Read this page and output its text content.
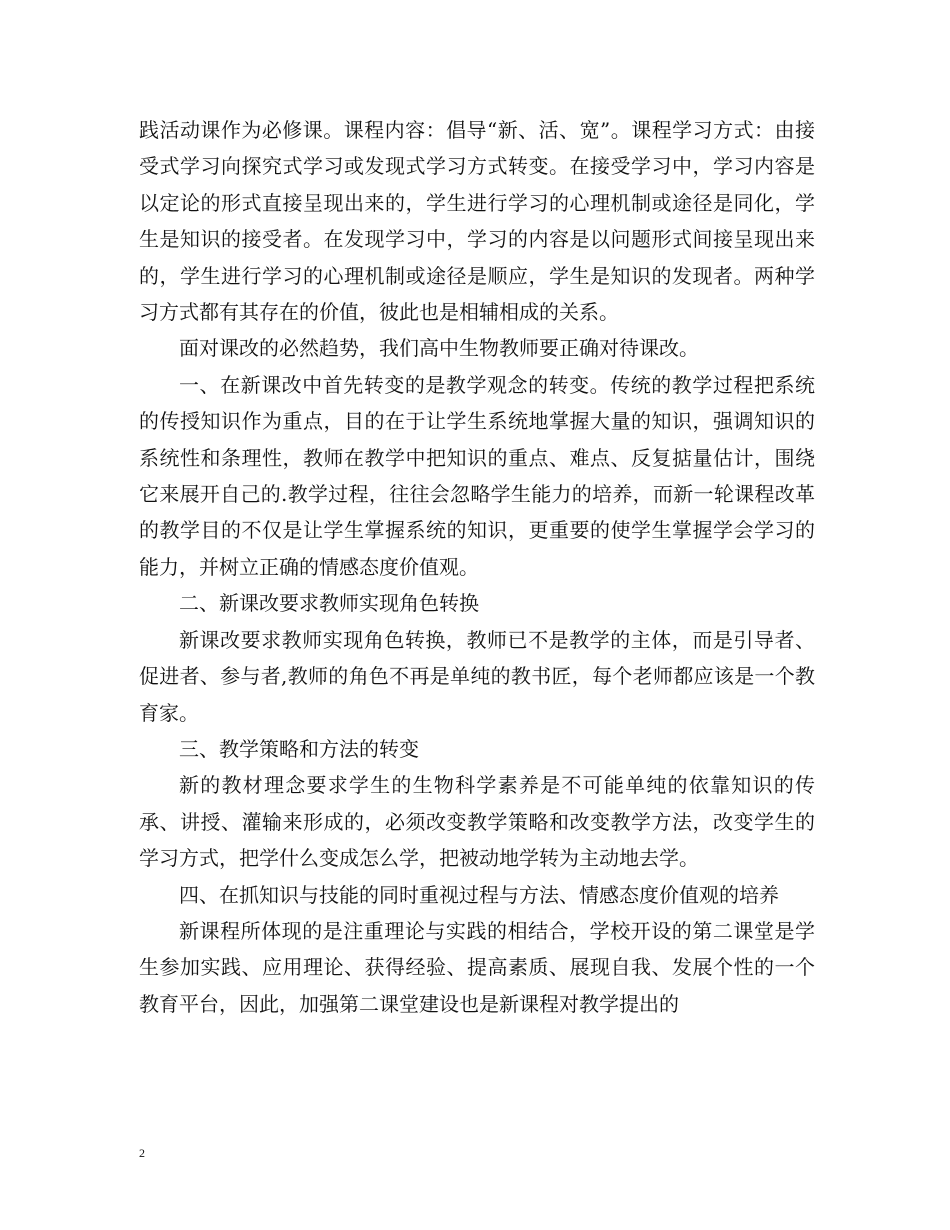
践活动课作为必修课。课程内容：倡导“新、活、宽”。课程学习方式：由接受式学习向探究式学习或发现式学习方式转变。在接受学习中，学习内容是以定论的形式直接呈现出来的，学生进行学习的心理机制或途径是同化，学生是知识的接受者。在发现学习中，学习的内容是以问题形式间接呈现出来的，学生进行学习的心理机制或途径是顺应，学生是知识的发现者。两种学习方式都有其存在的价值，彼此也是相辅相成的关系。

面对课改的必然趋势，我们高中生物教师要正确对待课改。

一、在新课改中首先转变的是教学观念的转变。传统的教学过程把系统的传授知识作为重点，目的在于让学生系统地掌握大量的知识，强调知识的系统性和条理性，教师在教学中把知识的重点、难点、反复掂量估计，围绕它来展开自己的.教学过程，往往会忽略学生能力的培养，而新一轮课程改革的教学目的不仅是让学生掌握系统的知识，更重要的使学生掌握学会学习的能力，并树立正确的情感态度价值观。

二、新课改要求教师实现角色转换

新课改要求教师实现角色转换，教师已不是教学的主体，而是引导者、促进者、参与者,教师的角色不再是单纯的教书匠，每个老师都应该是一个教育家。

三、教学策略和方法的转变

新的教材理念要求学生的生物科学素养是不可能单纯的依靠知识的传承、讲授、灌输来形成的，必须改变教学策略和改变教学方法，改变学生的学习方式，把学什么变成怎么学，把被动地学转为主动地去学。

四、在抓知识与技能的同时重视过程与方法、情感态度价值观的培养

新课程所体现的是注重理论与实践的相结合，学校开设的第二课堂是学生参加实践、应用理论、获得经验、提高素质、展现自我、发展个性的一个教育平台，因此，加强第二课堂建设也是新课程对教学提出的

2
